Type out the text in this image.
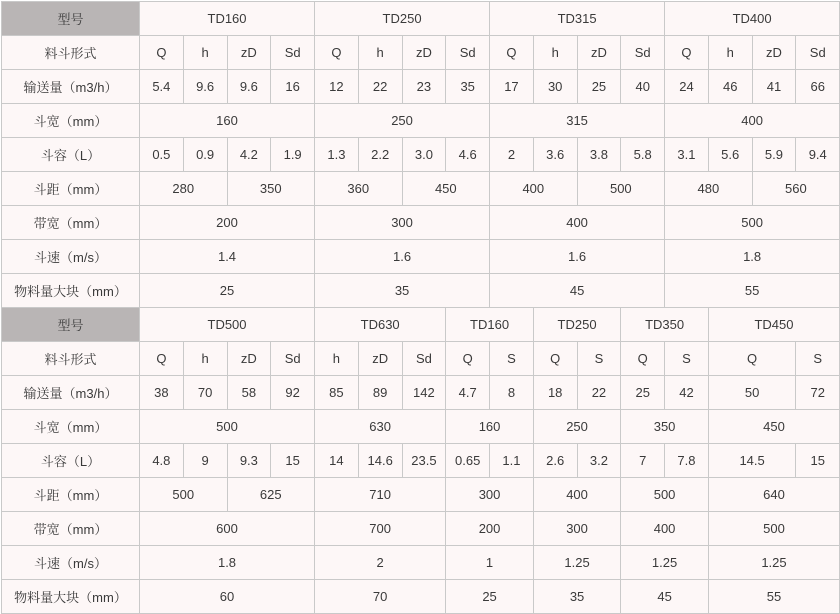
型号	TD160				TD250				TD315				TD400			
料斗形式	Q	h	zD	Sd	Q	h	zD	Sd	Q	h	zD	Sd	Q	h	zD	Sd
输送量（m3/h）	5.4	9.6	9.6	16	12	22	23	35	17	30	25	40	24	46	41	66
斗宽（mm）	160				250				315				400			
斗容（L）	0.5	0.9	4.2	1.9	1.3	2.2	3.0	4.6	2	3.6	3.8	5.8	3.1	5.6	5.9	9.4
斗距（mm）	280		350		360		450		400		500		480		560	
带宽（mm）	200				300				400				500			
斗速（m/s）	1.4				1.6				1.6				1.8			
物料量大块（mm）	25				35				45				55			
型号	TD500				TD630			TD160		TD250		TD350		TD450		
料斗形式	Q	h	zD	Sd	h	zD	Sd	Q	S	Q	S	Q	S	Q		S
输送量（m3/h）	38	70	58	92	85	89	142	4.7	8	18	22	25	42	50		72
斗宽（mm）	500				630			160		250		350		450		
斗容（L）	4.8	9	9.3	15	14	14.6	23.5	0.65	1.1	2.6	3.2	7	7.8	14.5		15
斗距（mm）	500		625		710			300		400		500		640		
带宽（mm）	600				700			200		300		400		500		
斗速（m/s）	1.8				2			1		1.25		1.25		1.25		
物料量大块（mm）	60				70			25		35		45		55		
